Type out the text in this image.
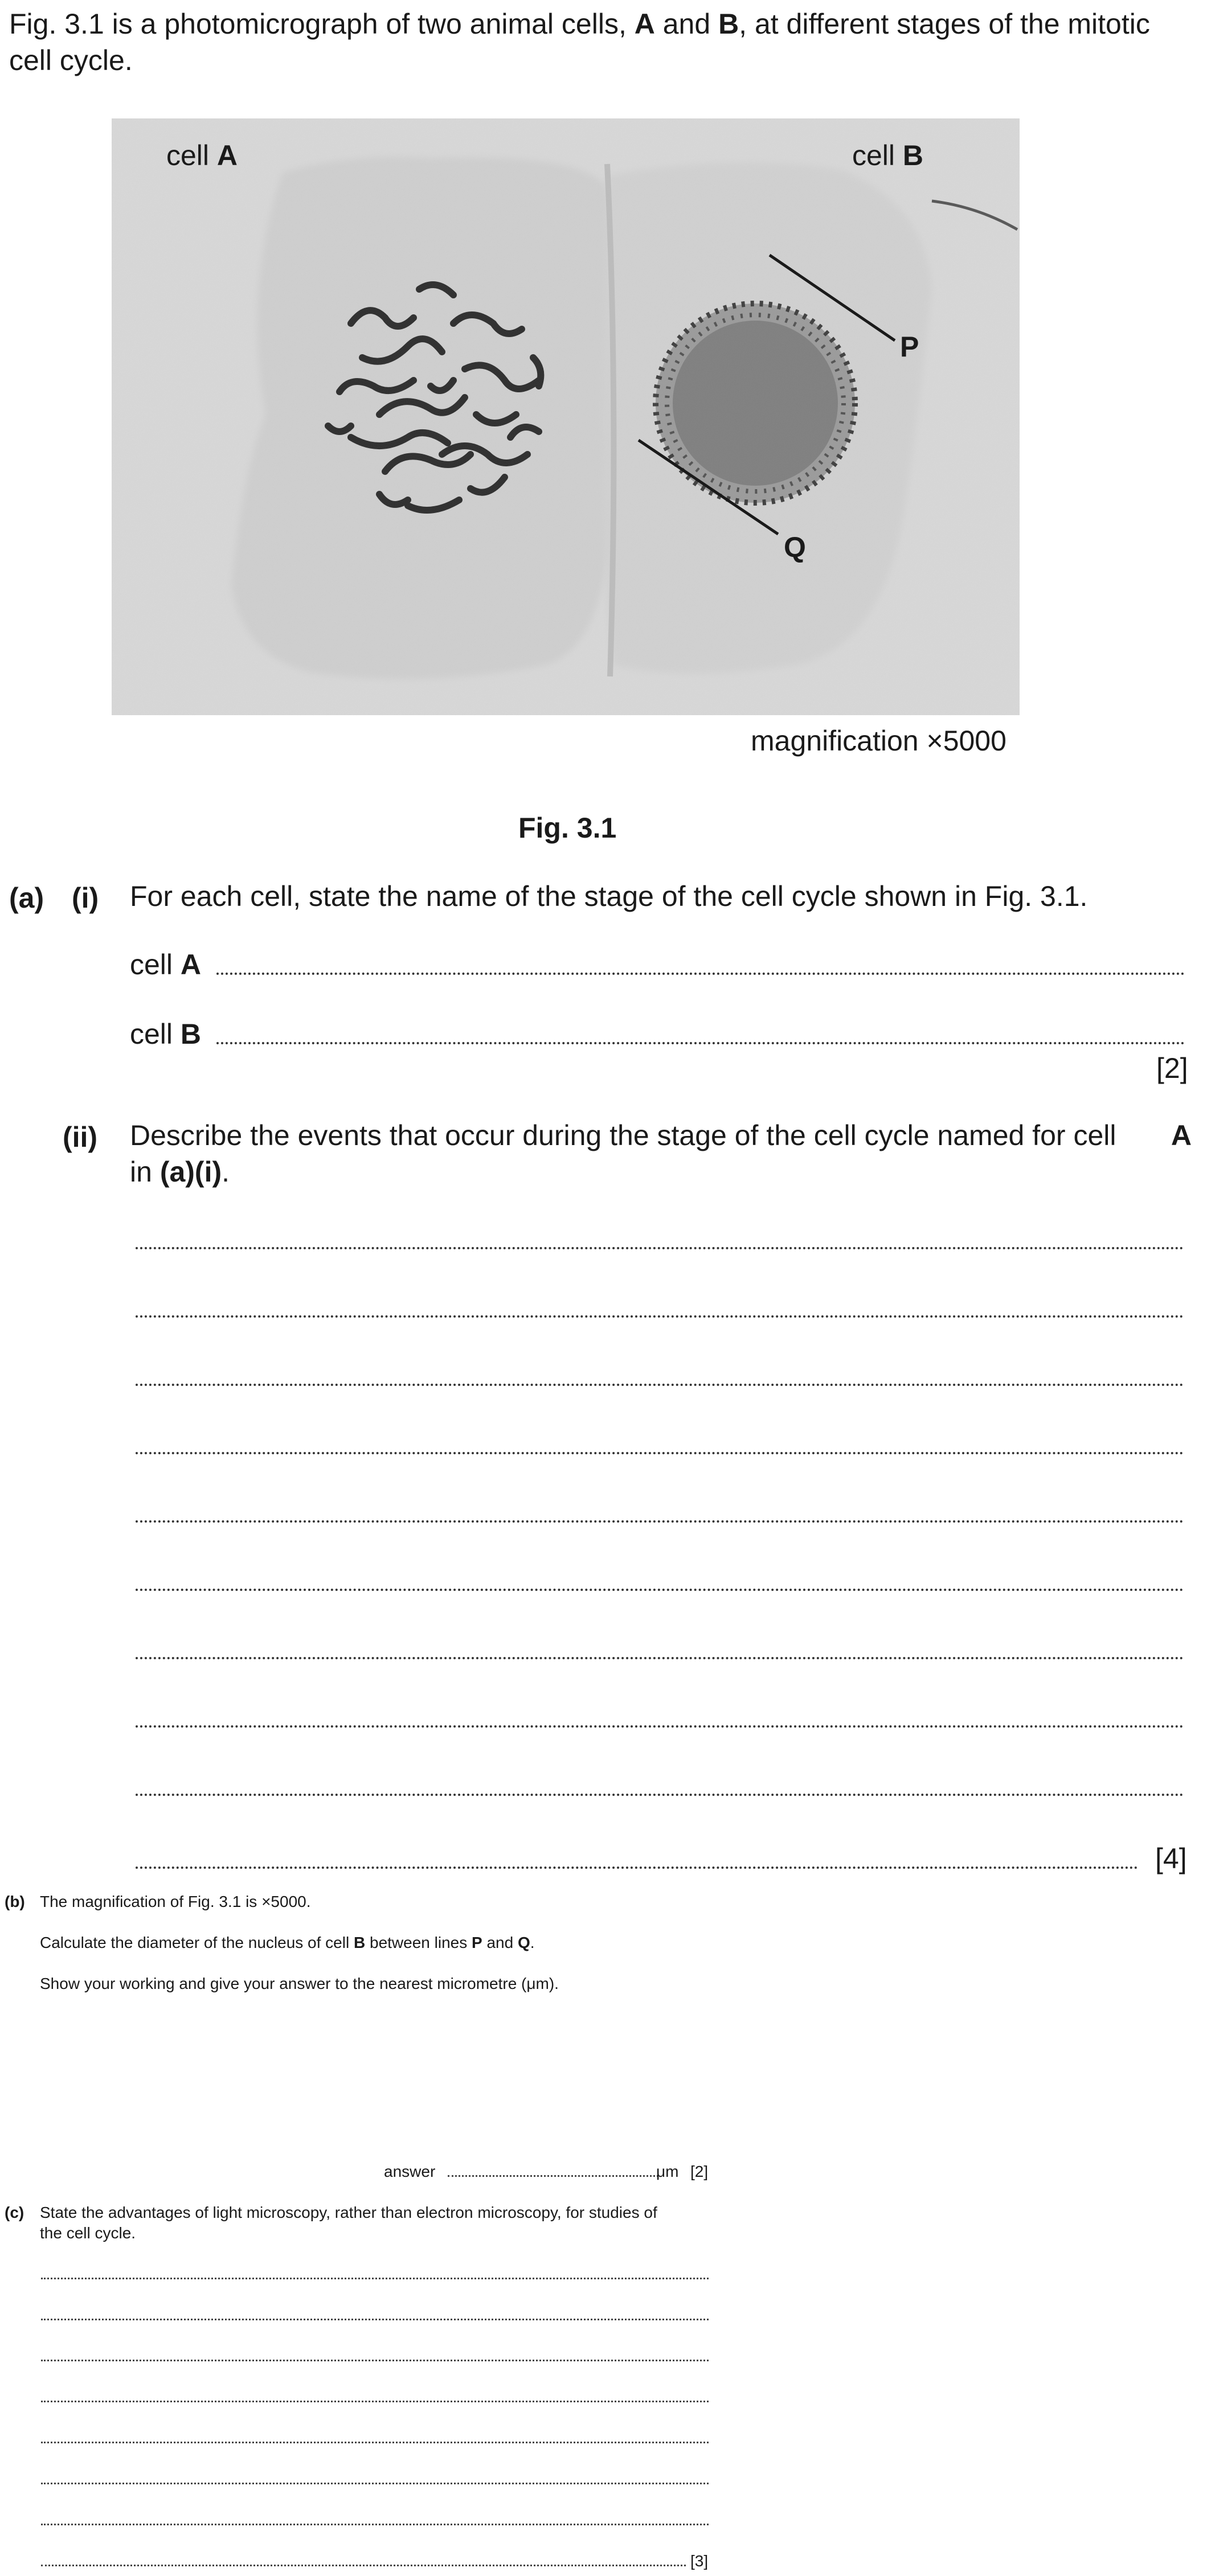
Fig. 3.1 is a photomicrograph of two animal cells, A and B, at different stages of the mitotic cell cycle.
cell A	cell B
P
Q
magnification ×5000
Fig. 3.1
(a) (i) For each cell, state the name of the stage of the cell cycle shown in Fig. 3.1.
cell A
cell B
[2]
(ii) Describe the events that occur during the stage of the cell cycle named for cell A
in (a)(i).
[4]
(b) The magnification of Fig. 3.1 is ×5000.
Calculate the diameter of the nucleus of cell B between lines P and Q.
Show your working and give your answer to the nearest micrometre (μm).
answer	μm [2]
(c) State the advantages of light microscopy, rather than electron microscopy, for studies of
the cell cycle.
[3]
